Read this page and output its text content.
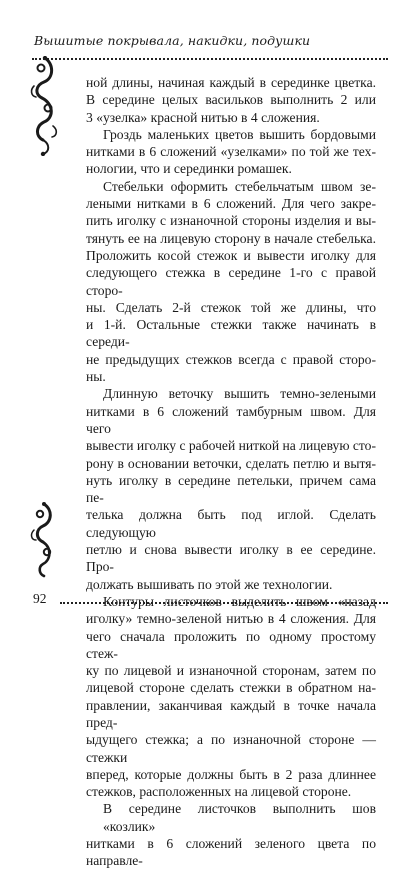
Вышитые покрывала, накидки, подушки

ной длины, начиная каждый в серединке цветка.

В середине целых васильков выполнить 2 или

3 «узелка» красной нитью в 4 сложения.

Гроздь маленьких цветов вышить бордовыми

нитками в 6 сложений «узелками» по той же тех-

нологии, что и серединки ромашек.

Стебельки оформить стебельчатым швом зе-

леными нитками в 6 сложений. Для чего закре-

пить иголку с изнаночной стороны изделия и вы-

тянуть ее на лицевую сторону в начале стебелька.

Проложить косой стежок и вывести иголку для

следующего стежка в середине 1-го с правой сторо-

ны. Сделать 2-й стежок той же длины, что

и 1-й. Остальные стежки также начинать в середи-

не предыдущих стежков всегда с правой сторо-

ны.

Длинную веточку вышить темно-зелеными

нитками в 6 сложений тамбурным швом. Для чего

вывести иголку с рабочей ниткой на лицевую сто-

рону в основании веточки, сделать петлю и вытя-

нуть иголку в середине петельки, причем сама пе-

телька должна быть под иглой. Сделать следующую

петлю и снова вывести иголку в ее середине. Про-

должать вышивать по этой же технологии.

Контуры листочков выделить швом «назад

иголку» темно-зеленой нитью в 4 сложения. Для

чего сначала проложить по одному простому стеж-

ку по лицевой и изнаночной сторонам, затем по

лицевой стороне сделать стежки в обратном на-

правлении, заканчивая каждый в точке начала пред-

ыдущего стежка; а по изнаночной стороне — стежки

вперед, которые должны быть в 2 раза длиннее

стежков, расположенных на лицевой стороне.

В середине листочков выполнить шов «козлик»

нитками в 6 сложений зеленого цвета по направле-

92
